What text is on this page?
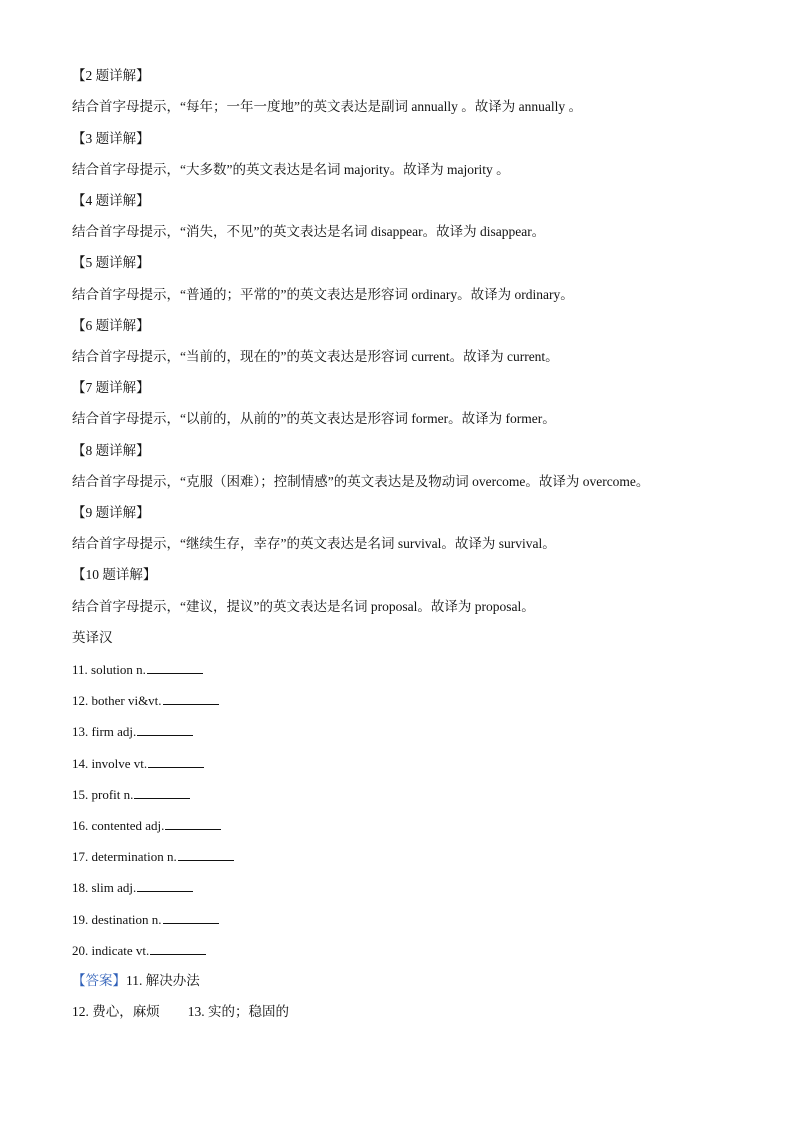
【2 题详解】
结合首字母提示，“每年；一年一度地”的英文表达是副词 annually 。故译为 annually 。
【3 题详解】
结合首字母提示，“大多数”的英文表达是名词 majority。故译为 majority 。
【4 题详解】
结合首字母提示，“消失，不见”的英文表达是名词 disappear。故译为 disappear。
【5 题详解】
结合首字母提示，“普通的；平常的”的英文表达是形容词 ordinary。故译为 ordinary。
【6 题详解】
结合首字母提示，“当前的，现在的”的英文表达是形容词 current。故译为 current。
【7 题详解】
结合首字母提示，“以前的，从前的”的英文表达是形容词 former。故译为 former。
【8 题详解】
结合首字母提示，“克服（困难）；控制情感”的英文表达是及物动词 overcome。故译为 overcome。
【9 题详解】
结合首字母提示，“继续生存，幸存”的英文表达是名词 survival。故译为 survival。
【10 题详解】
结合首字母提示，“建议，提议”的英文表达是名词 proposal。故译为 proposal。
英译汉
11. solution n.
12. bother vi&vt.
13. firm adj.
14. involve vt.
15. profit n.
16. contented adj.
17. determination n.
18. slim adj.
19. destination n.
20. indicate vt.
【答案】11. 解决办法
12. 费心，麻烦 13. 实的；稳固的
